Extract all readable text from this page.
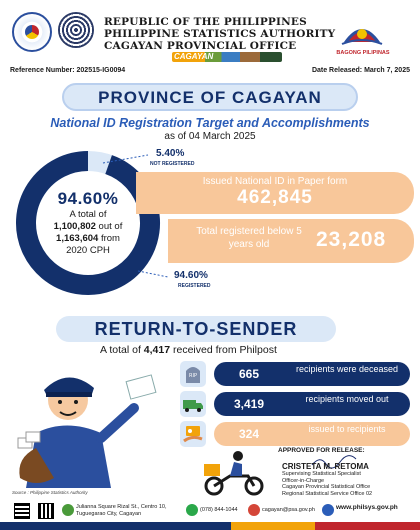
REPUBLIC OF THE PHILIPPINES
PHILIPPINE STATISTICS AUTHORITY
CAGAYAN PROVINCIAL OFFICE
CAGAYAN	BAGONG PILIPINAS
Reference Number: 202515-IG0094	Date Released: March 7, 2025
PROVINCE OF CAGAYAN
National ID Registration Target and Accomplishments
as of 04 March 2025
5.40%
NOT REGISTERED
94.60%
REGISTERED
94.60%
A total of
1,100,802 out of
1,163,604 from
2020 CPH
Issued National ID in Paper form
462,845
Total registered below 5 years old	23,208
RETURN-TO-SENDER
A total of 4,417 received from Philpost
RIP	665	recipients were deceased
3,419	recipients moved out
324	issued to recipients
APPROVED FOR RELEASE:
CRISTETA M. RETOMA
Supervising Statistical Specialist
Officer-in-Charge
Cagayan Provincial Statistical Office
Regional Statistical Service Office 02
Source : Philippine Statistics Authority
Julianna Square Rizal St., Centro 10,
Tuguegarao City, Cagayan
(078) 844-1044	cagayan@psa.gov.ph	www.philsys.gov.ph
